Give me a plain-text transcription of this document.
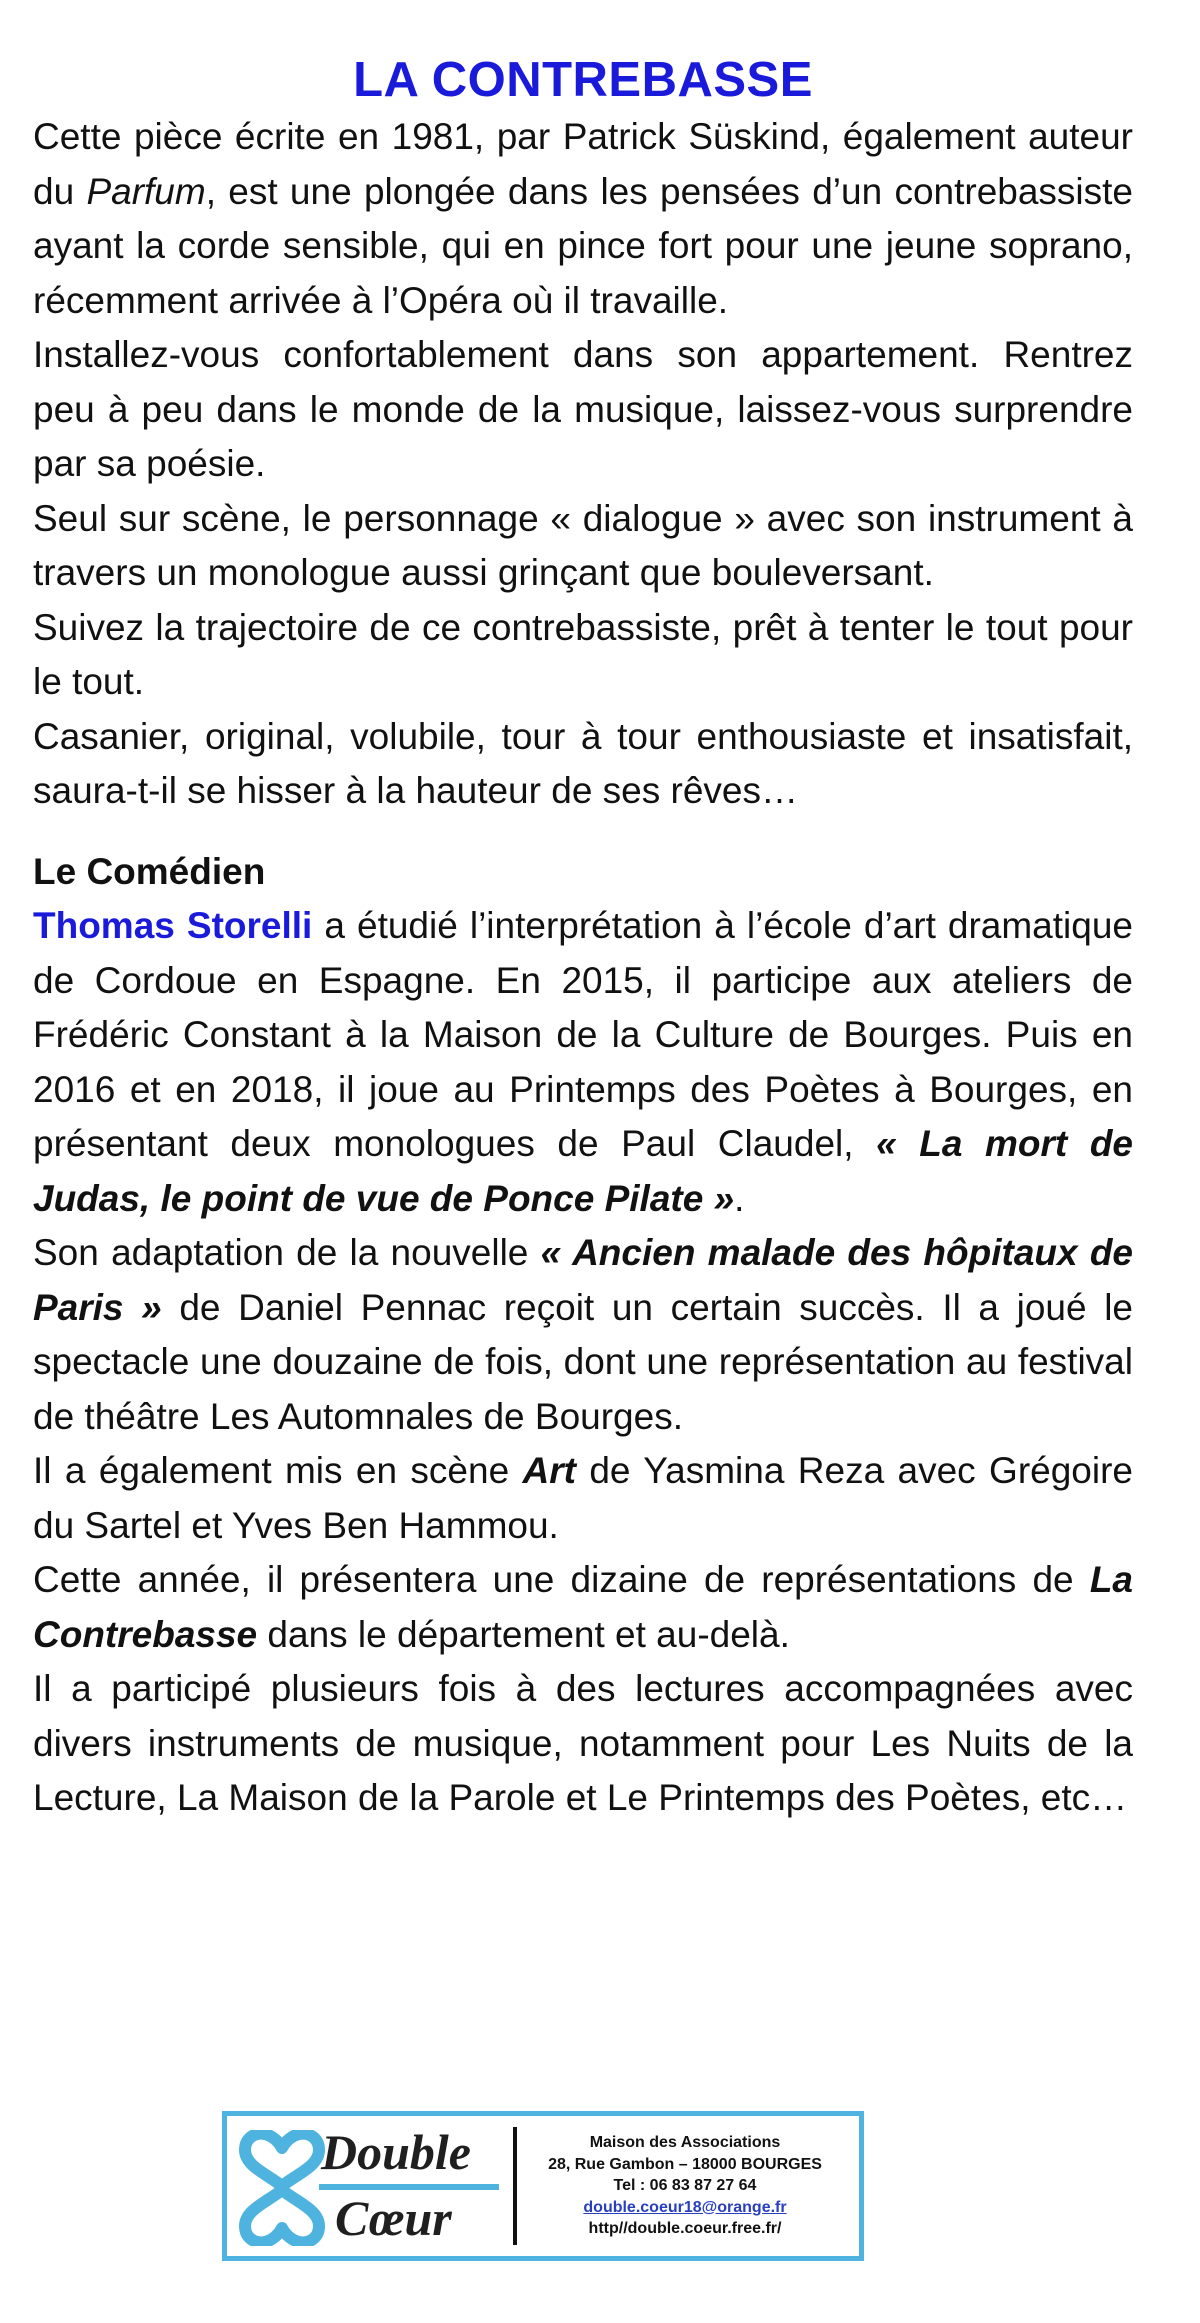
LA CONTREBASSE

Cette pièce écrite en 1981, par Patrick Süskind, également auteur du Parfum, est une plongée dans les pensées d’un contrebassiste ayant la corde sensible, qui en pince fort pour une jeune soprano, récemment arrivée à l’Opéra où il travaille.

Installez-vous confortablement dans son appartement. Rentrez peu à peu dans le monde de la musique, laissez-vous surprendre par sa poésie.

Seul sur scène, le personnage « dialogue » avec son instrument à travers un monologue aussi grinçant que bouleversant.

Suivez la trajectoire de ce contrebassiste, prêt à tenter le tout pour le tout.

Casanier, original, volubile, tour à tour enthousiaste et insatisfait, saura-t-il se hisser à la hauteur de ses rêves…

Le Comédien

Thomas Storelli a étudié l’interprétation à l’école d’art dramatique de Cordoue en Espagne. En 2015, il participe aux ateliers de Frédéric Constant à la Maison de la Culture de Bourges. Puis en 2016 et en 2018, il joue au Printemps des Poètes à Bourges, en présentant deux monologues de Paul Claudel, « La mort de Judas, le point de vue de Ponce Pilate ».

Son adaptation de la nouvelle « Ancien malade des hôpitaux de Paris » de Daniel Pennac reçoit un certain succès. Il a joué le spectacle une douzaine de fois, dont une représentation au festival de théâtre Les Automnales de Bourges.

Il a également mis en scène Art de Yasmina Reza avec Grégoire du Sartel et Yves Ben Hammou.

Cette année, il présentera une dizaine de représentations de La Contrebasse dans le département et au-delà.

Il a participé plusieurs fois à des lectures accompagnées avec divers instruments de musique, notamment pour Les Nuits de la Lecture, La Maison de la Parole et Le Printemps des Poètes, etc…

Double
Cœur
Maison des Associations
28, Rue Gambon – 18000 BOURGES
Tel : 06 83 87 27 64
double.coeur18@orange.fr
http//double.coeur.free.fr/
